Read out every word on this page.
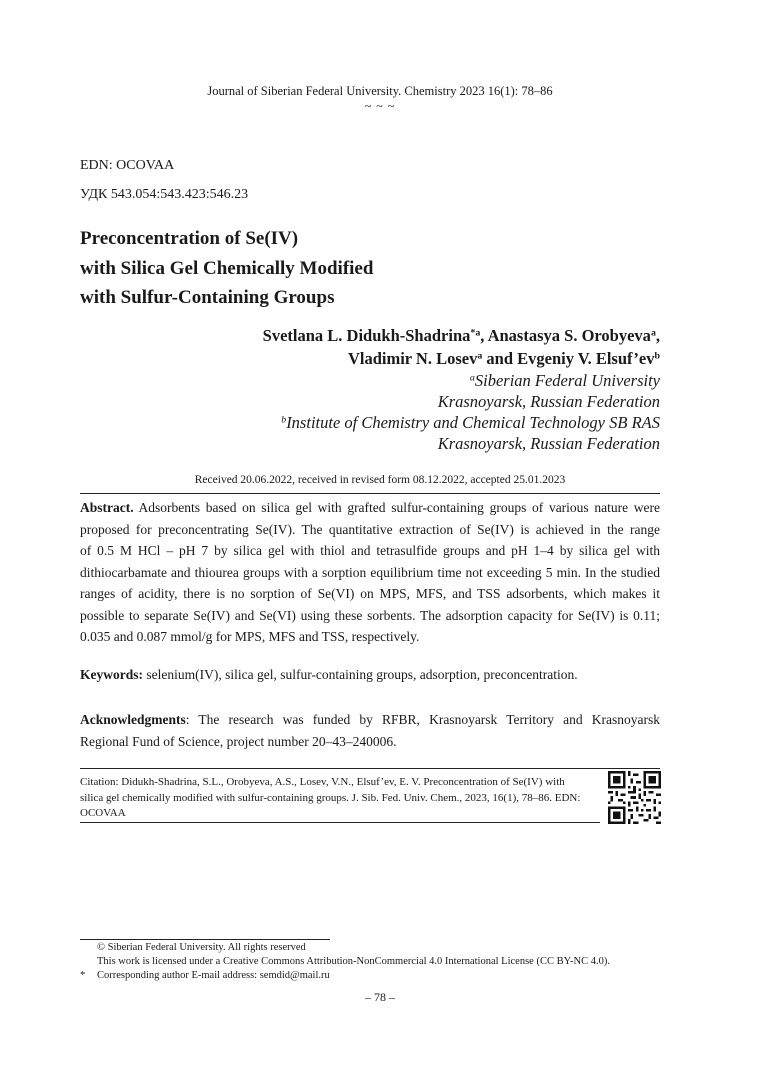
Journal of Siberian Federal University. Chemistry 2023 16(1): 78–86
~ ~ ~
EDN: OCOVAA
УДК 543.054:543.423:546.23
Preconcentration of Se(IV)
with Silica Gel Chemically Modified
with Sulfur-Containing Groups
Svetlana L. Didukh-Shadrina$^{*a}$, Anastasya S. Orobyeva$^a$,
Vladimir N. Losev$^a$ and Evgeniy V. $Elsuf’ev^b$
$^a$Siberian Federal University
Krasnoyarsk, Russian Federation
$^b$Institute of Chemistry and Chemical Technology SB RAS
Krasnoyarsk, Russian Federation
Received 20.06.2022, received in revised form 08.12.2022, accepted 25.01.2023
Abstract. Adsorbents based on silica gel with grafted sulfur-containing groups of various nature were
proposed for preconcentrating Se(IV). The quantitative extraction of Se(IV) is achieved in the range
of 0.5 M HCl – pH 7 by silica gel with thiol and tetrasulfide groups and pH 1–4 by silica gel with
dithiocarbamate and thiourea groups with a sorption equilibrium time not exceeding 5 min. In the studied
ranges of acidity, there is no sorption of Se(VI) on MPS, MFS, and TSS adsorbents, which makes it
possible to separate Se(IV) and Se(VI) using these sorbents. The adsorption capacity for Se(IV) is 0.11;
0.035 and 0.087 mmol/g for MPS, MFS and TSS, respectively.
Keywords: selenium(IV), silica gel, sulfur-containing groups, adsorption, preconcentration.
Acknowledgments: The research was funded by RFBR, Krasnoyarsk Territory and Krasnoyarsk
Regional Fund of Science, project number 20–43–240006.
Citation: Didukh-Shadrina, S.L., Orobyeva, A.S., Losev, V.N., Elsuf’ev, E. V. Preconcentration of Se(IV) with
silica gel chemically modified with sulfur-containing groups. J. Sib. Fed. Univ. Chem., 2023, 16(1), 78–86. EDN:
OCOVAA
© Siberian Federal University. All rights reserved
This work is licensed under a Creative Commons Attribution-NonCommercial 4.0 International License (CC BY-NC 4.0).
* Corresponding author E-mail address: semdid@mail.ru
– 78 –
